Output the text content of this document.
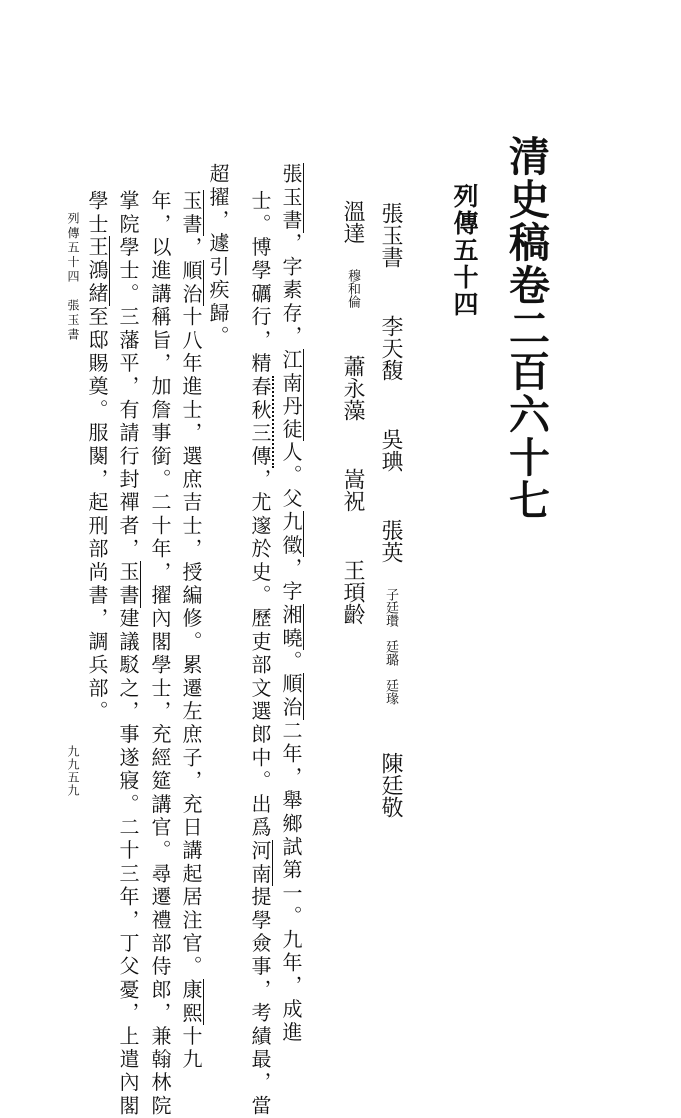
清史稿卷二百六十七
列傳五十四
張玉書　 李天馥　 吳琠　 張英 子廷瓚　廷璐　廷瑑　 陳廷敬
溫達 穆和倫　 蕭永藻　 嵩祝　 王頊齡
張玉書，字素存，江南丹徒人。父九徵，字湘曉。順治二年，舉鄉試第一。九年，成進
士。博學礪行，精春秋三傳，尤邃於史。歷吏部文選郎中。出爲河南提學僉事，考績最，當
超擢，遽引疾歸。
玉書，順治十八年進士，選庶吉士，授編修。累遷左庶子，充日講起居注官。康熙十九
年，以進講稱旨，加詹事銜。二十年，擢內閣學士，充經筵講官。尋遷禮部侍郎，兼翰林院
掌院學士。三藩平，有請行封禪者，玉書建議駁之，事遂寢。二十三年，丁父憂，上遣內閣
學士王鴻緒至邸賜奠。服闋，起刑部尚書，調兵部。
列傳五十四　張玉書
九九五九
